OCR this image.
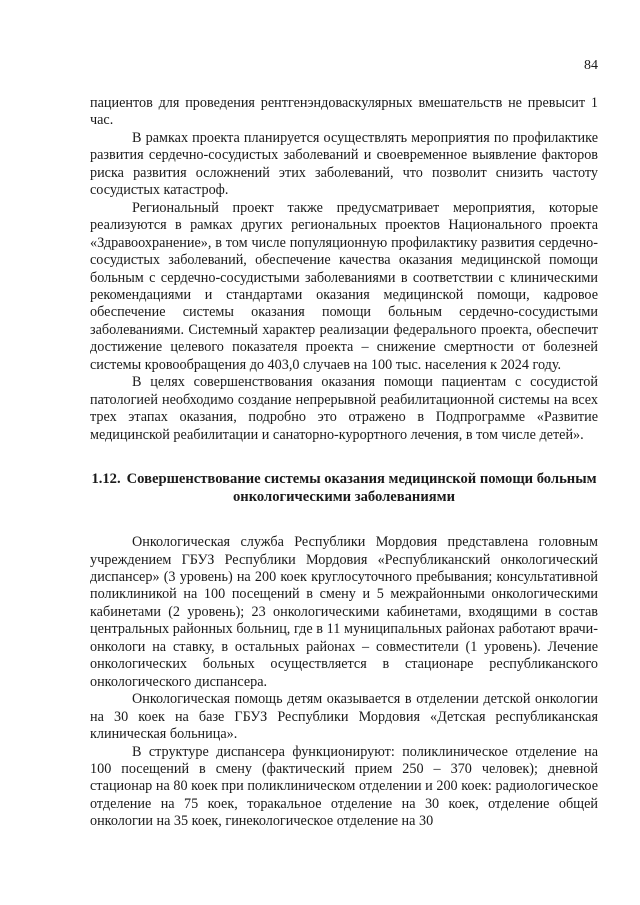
84

пациентов для проведения рентгенэндоваскулярных вмешательств не превысит 1 час.

В рамках проекта планируется осуществлять мероприятия по профилактике развития сердечно-сосудистых заболеваний и своевременное выявление факторов риска развития осложнений этих заболеваний, что позволит снизить частоту сосудистых катастроф.

Региональный проект также предусматривает мероприятия, которые реализуются в рамках других региональных проектов Национального проекта «Здравоохранение», в том числе популяционную профилактику развития сердечно-сосудистых заболеваний, обеспечение качества оказания медицинской помощи больным с сердечно-сосудистыми заболеваниями в соответствии с клиническими рекомендациями и стандартами оказания медицинской помощи, кадровое обеспечение системы оказания помощи больным сердечно-сосудистыми заболеваниями. Системный характер реализации федерального проекта, обеспечит достижение целевого показателя проекта – снижение смертности от болезней системы кровообращения до 403,0 случаев на 100 тыс. населения к 2024 году.

В целях совершенствования оказания помощи пациентам с сосудистой патологией необходимо создание непрерывной реабилитационной системы на всех трех этапах оказания, подробно это отражено в Подпрограмме «Развитие медицинской реабилитации и санаторно-курортного лечения, в том числе детей».

1.12. Совершенствование системы оказания медицинской помощи больным онкологическими заболеваниями

Онкологическая служба Республики Мордовия представлена головным учреждением ГБУЗ Республики Мордовия «Республиканский онкологический диспансер» (3 уровень) на 200 коек круглосуточного пребывания; консультативной поликлиникой на 100 посещений в смену и 5 межрайонными онкологическими кабинетами (2 уровень); 23 онкологическими кабинетами, входящими в состав центральных районных больниц, где в 11 муниципальных районах работают врачи-онкологи на ставку, в остальных районах – совместители (1 уровень). Лечение онкологических больных осуществляется в стационаре республиканского онкологического диспансера.

Онкологическая помощь детям оказывается в отделении детской онкологии на 30 коек на базе ГБУЗ Республики Мордовия «Детская республиканская клиническая больница».

В структуре диспансера функционируют: поликлиническое отделение на 100 посещений в смену (фактический прием 250 – 370 человек); дневной стационар на 80 коек при поликлиническом отделении и 200 коек: радиологическое отделение на 75 коек, торакальное отделение на 30 коек, отделение общей онкологии на 35 коек, гинекологическое отделение на 30
